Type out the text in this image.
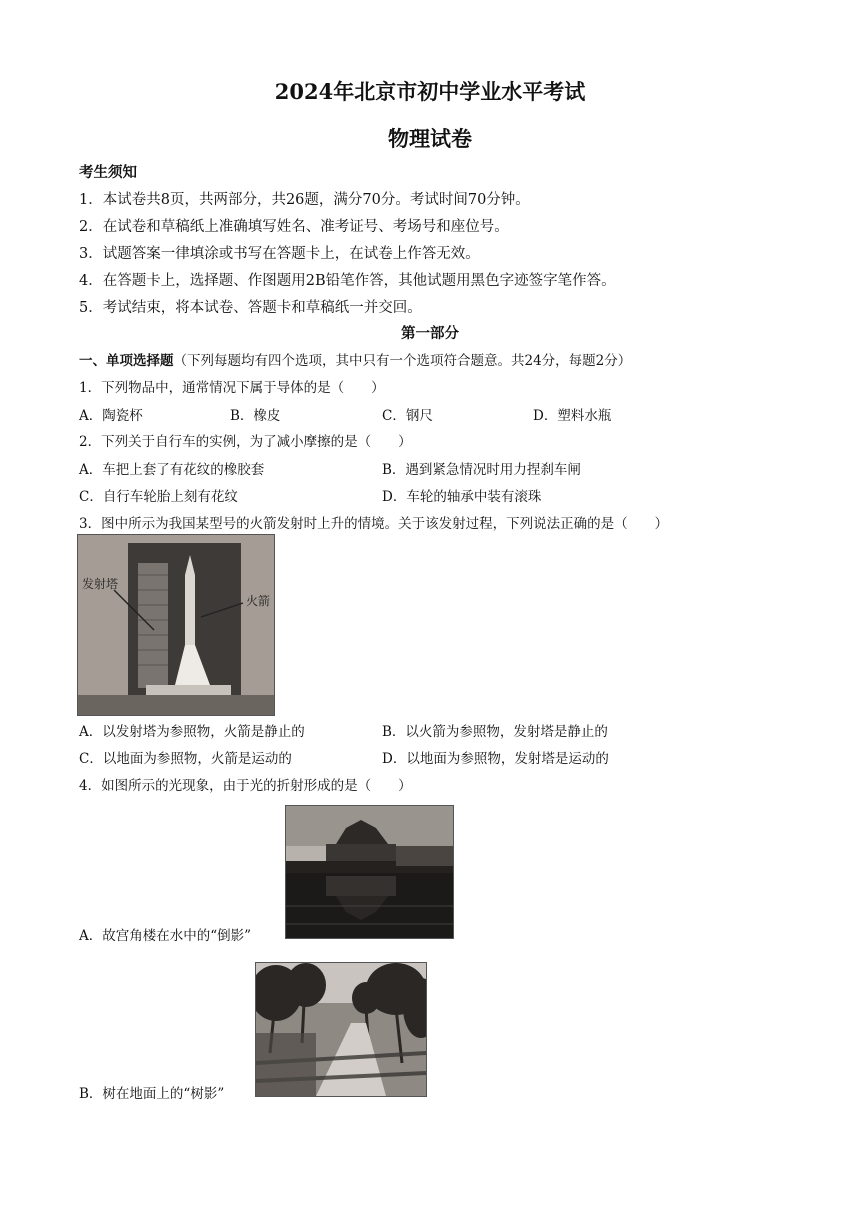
2024年北京市初中学业水平考试
物理试卷
考生须知
1．本试卷共8页，共两部分，共26题，满分70分。考试时间70分钟。
2．在试卷和草稿纸上准确填写姓名、准考证号、考场号和座位号。
3．试题答案一律填涂或书写在答题卡上，在试卷上作答无效。
4．在答题卡上，选择题、作图题用2B铅笔作答，其他试题用黑色字迹签字笔作答。
5．考试结束，将本试卷、答题卡和草稿纸一并交回。
第一部分
一、单项选择题（下列每题均有四个选项，其中只有一个选项符合题意。共24分，每题2分）
1．下列物品中，通常情况下属于导体的是（　　）
A．陶瓷杯	B．橡皮	C．钢尺	D．塑料水瓶
2．下列关于自行车的实例，为了减小摩擦的是（　　）
A．车把上套了有花纹的橡胶套	B．遇到紧急情况时用力捏刹车闸
C．自行车轮胎上刻有花纹	D．车轮的轴承中装有滚珠
3．图中所示为我国某型号的火箭发射时上升的情境。关于该发射过程，下列说法正确的是（　　）
发射塔
火箭
A．以发射塔为参照物，火箭是静止的	B．以火箭为参照物，发射塔是静止的
C．以地面为参照物，火箭是运动的	D．以地面为参照物，发射塔是运动的
4．如图所示的光现象，由于光的折射形成的是（　　）
A．故宫角楼在水中的“倒影”
B．树在地面上的“树影”
